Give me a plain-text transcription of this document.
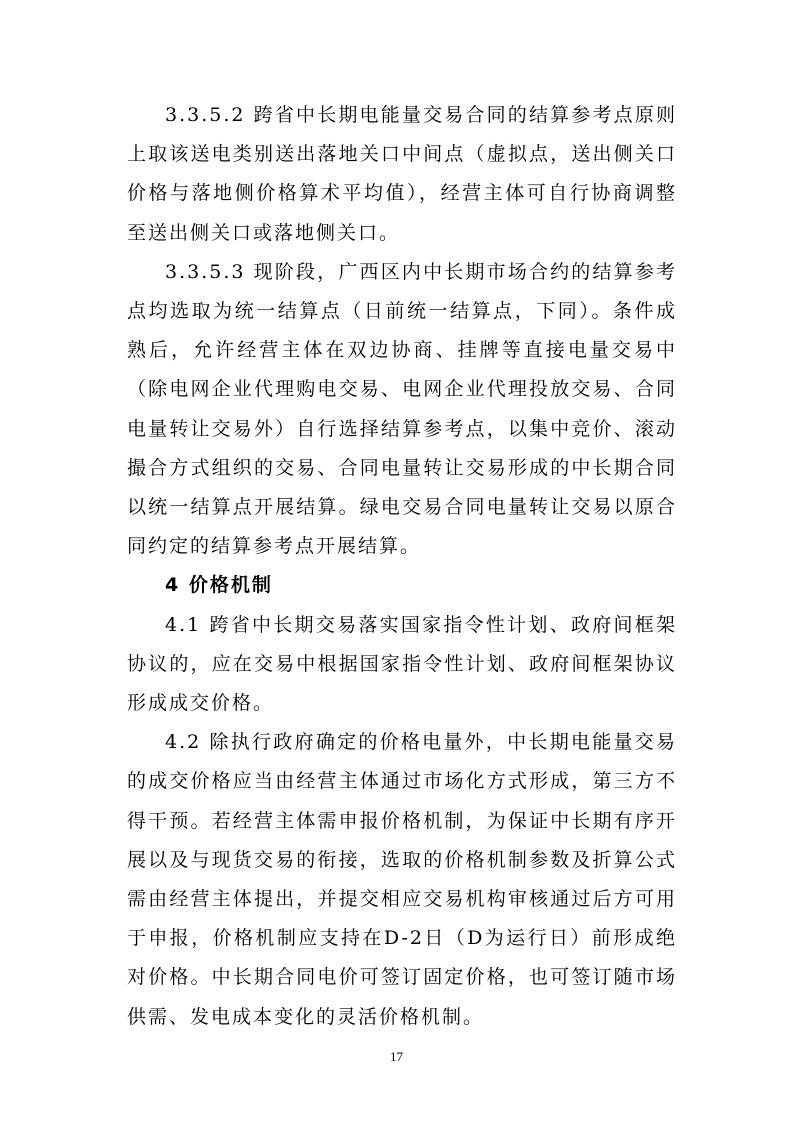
3.3.5.2 跨省中长期电能量交易合同的结算参考点原则上取该送电类别送出落地关口中间点（虚拟点，送出侧关口价格与落地侧价格算术平均值），经营主体可自行协商调整至送出侧关口或落地侧关口。

3.3.5.3 现阶段，广西区内中长期市场合约的结算参考点均选取为统一结算点（日前统一结算点，下同）。条件成熟后，允许经营主体在双边协商、挂牌等直接电量交易中（除电网企业代理购电交易、电网企业代理投放交易、合同电量转让交易外）自行选择结算参考点，以集中竞价、滚动撮合方式组织的交易、合同电量转让交易形成的中长期合同以统一结算点开展结算。绿电交易合同电量转让交易以原合同约定的结算参考点开展结算。

4 价格机制

4.1 跨省中长期交易落实国家指令性计划、政府间框架协议的，应在交易中根据国家指令性计划、政府间框架协议形成成交价格。

4.2 除执行政府确定的价格电量外，中长期电能量交易的成交价格应当由经营主体通过市场化方式形成，第三方不得干预。若经营主体需申报价格机制，为保证中长期有序开展以及与现货交易的衔接，选取的价格机制参数及折算公式需由经营主体提出，并提交相应交易机构审核通过后方可用于申报，价格机制应支持在D-2日（D为运行日）前形成绝对价格。中长期合同电价可签订固定价格，也可签订随市场供需、发电成本变化的灵活价格机制。

17
